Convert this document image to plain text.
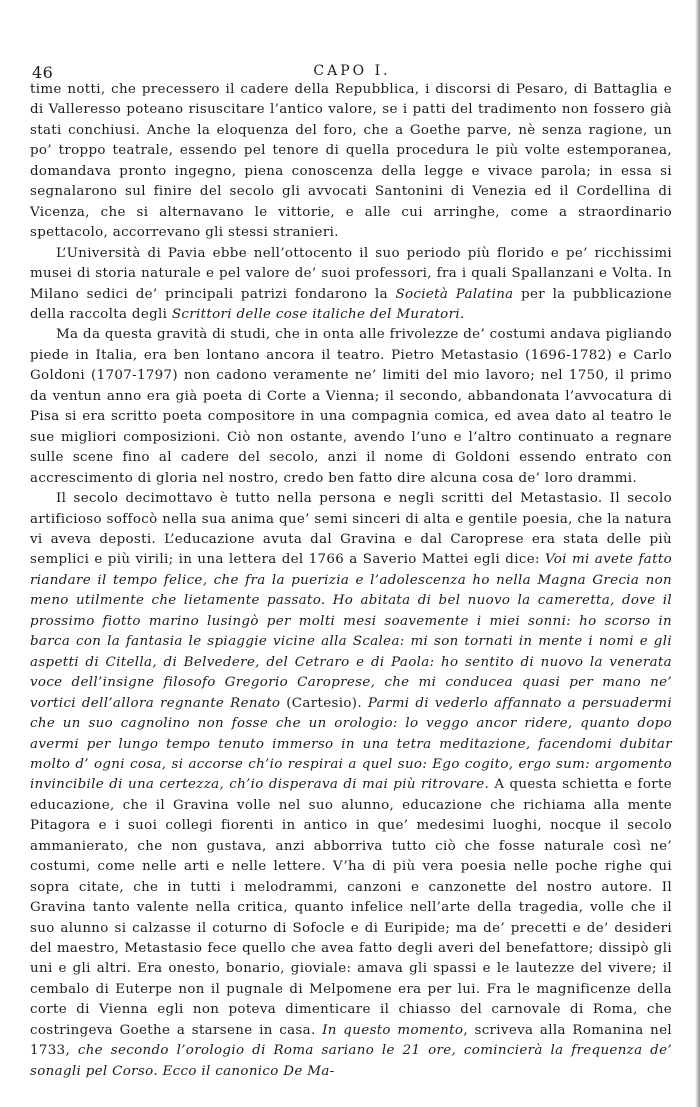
46	CAPO I.

time notti, che precessero il cadere della Repubblica, i discorsi di Pesaro, di Battaglia e di Valleresso poteano risuscitare l’antico valore, se i patti del tradimento non fossero già stati conchiusi. Anche la eloquenza del foro, che a Goethe parve, nè senza ragione, un po’ troppo teatrale, essendo pel tenore di quella procedura le più volte estemporanea, domandava pronto ingegno, piena conoscenza della legge e vivace parola; in essa si segnalarono sul finire del secolo gli avvocati Santonini di Venezia ed il Cordellina di Vicenza, che si alternavano le vittorie, e alle cui arringhe, come a straordinario spettacolo, accorrevano gli stessi stranieri.

L’Università di Pavia ebbe nell’ottocento il suo periodo più florido e pe’ ricchissimi musei di storia naturale e pel valore de’ suoi professori, fra i quali Spallanzani e Volta. In Milano sedici de’ principali patrizi fondarono la Società Palatina per la pubblicazione della raccolta degli Scrittori delle cose italiche del Muratori.

Ma da questa gravità di studi, che in onta alle frivolezze de’ costumi andava pigliando piede in Italia, era ben lontano ancora il teatro. Pietro Metastasio (1696-1782) e Carlo Goldoni (1707-1797) non cadono veramente ne’ limiti del mio lavoro; nel 1750, il primo da ventun anno era già poeta di Corte a Vienna; il secondo, abbandonata l’avvocatura di Pisa si era scritto poeta compositore in una compagnia comica, ed avea dato al teatro le sue migliori composizioni. Ciò non ostante, avendo l’uno e l’altro continuato a regnare sulle scene fino al cadere del secolo, anzi il nome di Goldoni essendo entrato con accrescimento di gloria nel nostro, credo ben fatto dire alcuna cosa de’ loro drammi.

Il secolo decimottavo è tutto nella persona e negli scritti del Metastasio. Il secolo artificioso soffocò nella sua anima que’ semi sinceri di alta e gentile poesia, che la natura vi aveva deposti. L’educazione avuta dal Gravina e dal Caroprese era stata delle più semplici e più virili; in una lettera del 1766 a Saverio Mattei egli dice: Voi mi avete fatto riandare il tempo felice, che fra la puerizia e l’adolescenza ho nella Magna Grecia non meno utilmente che lietamente passato. Ho abitata di bel nuovo la cameretta, dove il prossimo fiotto marino lusingò per molti mesi soavemente i miei sonni: ho scorso in barca con la fantasia le spiaggie vicine alla Scalea: mi son tornati in mente i nomi e gli aspetti di Citella, di Belvedere, del Cetraro e di Paola: ho sentito di nuovo la venerata voce dell’insigne filosofo Gregorio Caroprese, che mi conducea quasi per mano ne’ vortici dell’allora regnante Renato (Cartesio). Parmi di vederlo affannato a persuadermi che un suo cagnolino non fosse che un orologio: lo veggo ancor ridere, quanto dopo avermi per lungo tempo tenuto immerso in una tetra meditazione, facendomi dubitar molto d’ ogni cosa, si accorse ch’io respirai a quel suo: Ego cogito, ergo sum: argomento invincibile di una certezza, ch’io disperava di mai più ritrovare. A questa schietta e forte educazione, che il Gravina volle nel suo alunno, educazione che richiama alla mente Pitagora e i suoi collegi fiorenti in antico in que’ medesimi luoghi, nocque il secolo ammanierato, che non gustava, anzi abborriva tutto ciò che fosse naturale così ne’ costumi, come nelle arti e nelle lettere. V’ha di più vera poesia nelle poche righe qui sopra citate, che in tutti i melodrammi, canzoni e canzonette del nostro autore. Il Gravina tanto valente nella critica, quanto infelice nell’arte della tragedia, volle che il suo alunno si calzasse il coturno di Sofocle e di Euripide; ma de’ precetti e de’ desideri del maestro, Metastasio fece quello che avea fatto degli averi del benefattore; dissipò gli uni e gli altri. Era onesto, bonario, gioviale: amava gli spassi e le lautezze del vivere; il cembalo di Euterpe non il pugnale di Melpomene era per lui. Fra le magnificenze della corte di Vienna egli non poteva dimenticare il chiasso del carnovale di Roma, che costringeva Goethe a starsene in casa. In questo momento, scriveva alla Romanina nel 1733, che secondo l’orologio di Roma sariano le 21 ore, comincierà la frequenza de’ sonagli pel Corso. Ecco il canonico De Ma-
